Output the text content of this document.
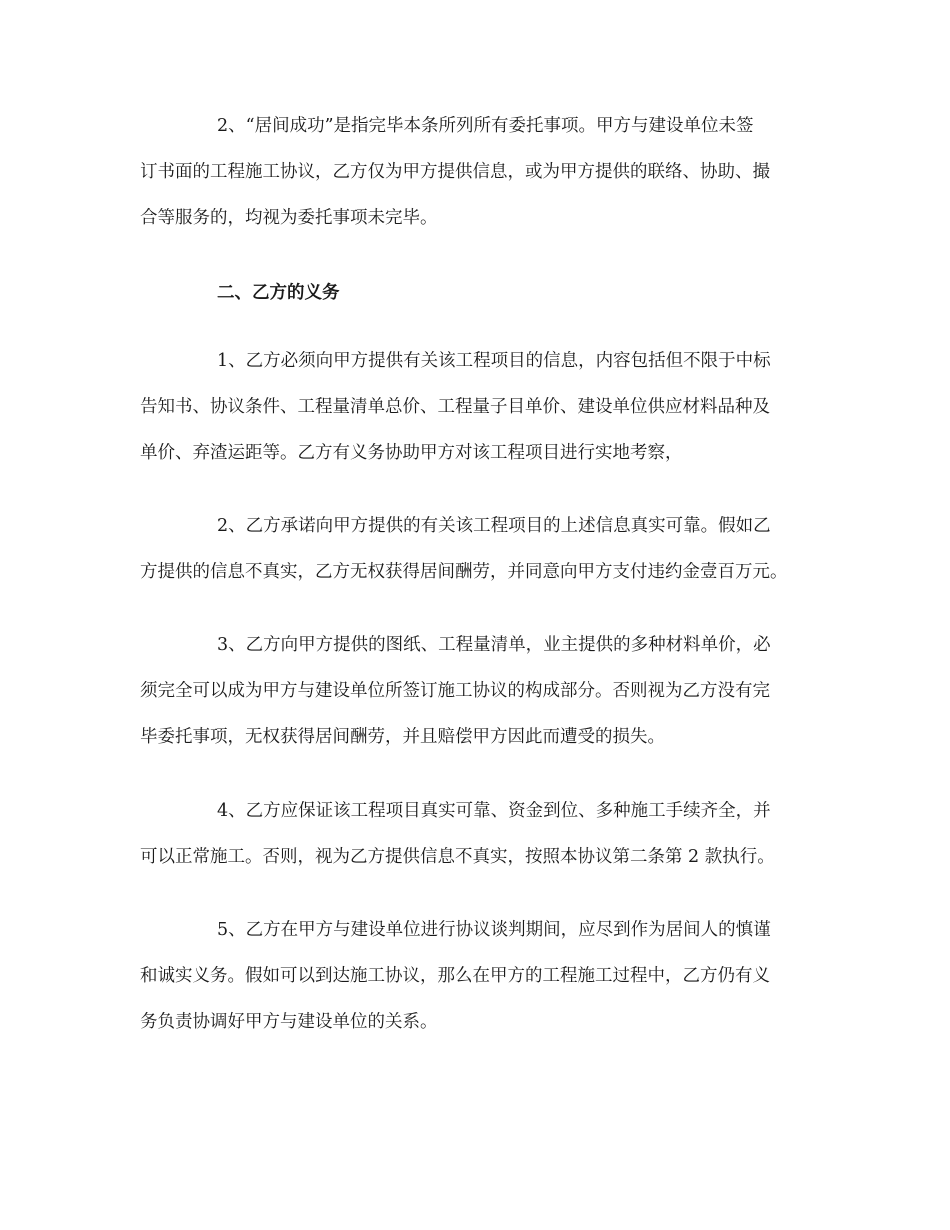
2、“居间成功”是指完毕本条所列所有委托事项。甲方与建设单位未签
订书面的工程施工协议，乙方仅为甲方提供信息，或为甲方提供的联络、协助、撮
合等服务的，均视为委托事项未完毕。
二、乙方的义务
1、乙方必须向甲方提供有关该工程项目的信息，内容包括但不限于中标
告知书、协议条件、工程量清单总价、工程量子目单价、建设单位供应材料品种及
单价、弃渣运距等。乙方有义务协助甲方对该工程项目进行实地考察，
2、乙方承诺向甲方提供的有关该工程项目的上述信息真实可靠。假如乙
方提供的信息不真实，乙方无权获得居间酬劳，并同意向甲方支付违约金壹百万元。
3、乙方向甲方提供的图纸、工程量清单，业主提供的多种材料单价，必
须完全可以成为甲方与建设单位所签订施工协议的构成部分。否则视为乙方没有完
毕委托事项，无权获得居间酬劳，并且赔偿甲方因此而遭受的损失。
4、乙方应保证该工程项目真实可靠、资金到位、多种施工手续齐全，并
可以正常施工。否则，视为乙方提供信息不真实，按照本协议第二条第 2 款执行。
5、乙方在甲方与建设单位进行协议谈判期间，应尽到作为居间人的慎谨
和诚实义务。假如可以到达施工协议，那么在甲方的工程施工过程中，乙方仍有义
务负责协调好甲方与建设单位的关系。
